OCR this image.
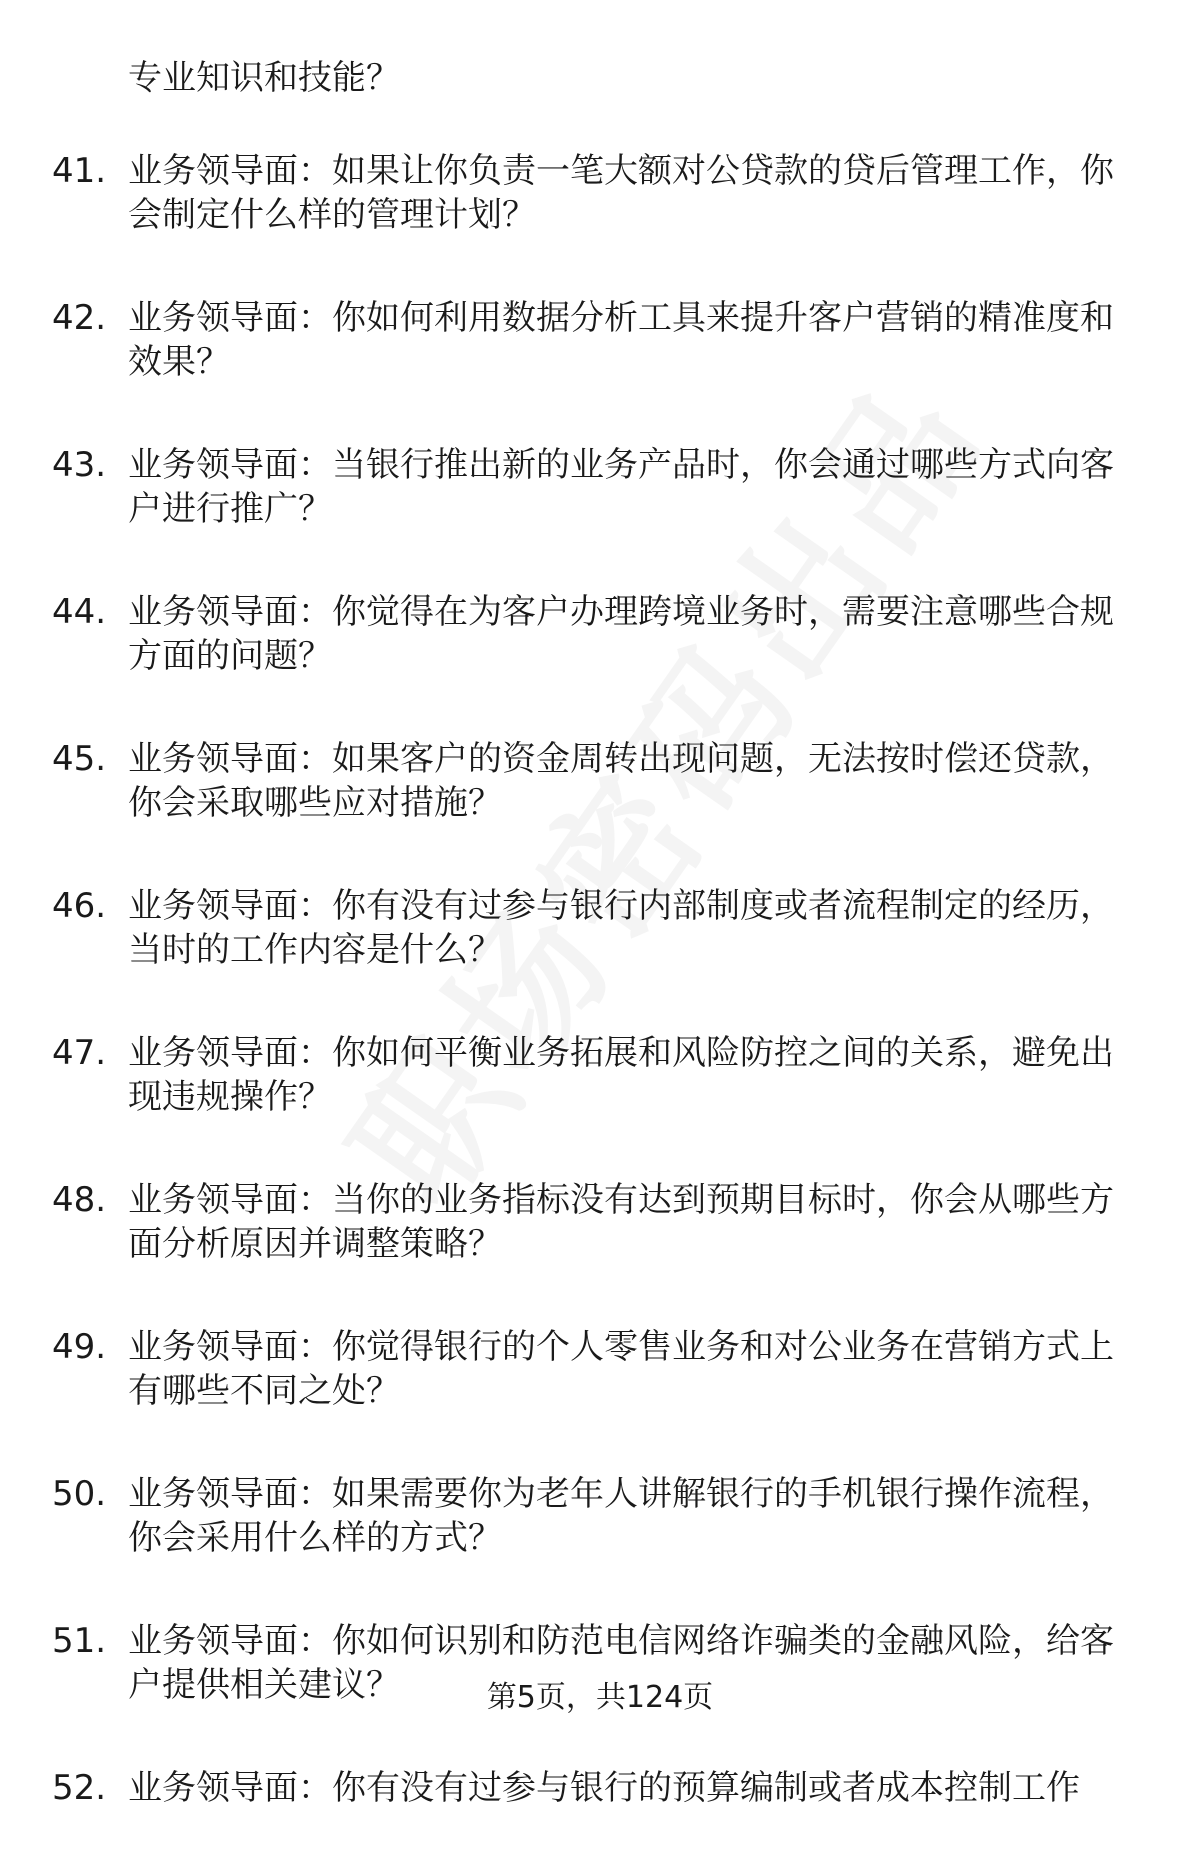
专业知识和技能？
41. 业务领导面：如果让你负责一笔大额对公贷款的贷后管理工作，你会制定什么样的管理计划？
42. 业务领导面：你如何利用数据分析工具来提升客户营销的精准度和效果？
43. 业务领导面：当银行推出新的业务产品时，你会通过哪些方式向客户进行推广？
44. 业务领导面：你觉得在为客户办理跨境业务时，需要注意哪些合规方面的问题？
45. 业务领导面：如果客户的资金周转出现问题，无法按时偿还贷款，你会采取哪些应对措施？
46. 业务领导面：你有没有过参与银行内部制度或者流程制定的经历，当时的工作内容是什么？
47. 业务领导面：你如何平衡业务拓展和风险防控之间的关系，避免出现违规操作？
48. 业务领导面：当你的业务指标没有达到预期目标时，你会从哪些方面分析原因并调整策略？
49. 业务领导面：你觉得银行的个人零售业务和对公业务在营销方式上有哪些不同之处？
50. 业务领导面：如果需要你为老年人讲解银行的手机银行操作流程，你会采用什么样的方式？
51. 业务领导面：你如何识别和防范电信网络诈骗类的金融风险，给客户提供相关建议？
52. 业务领导面：你有没有过参与银行的预算编制或者成本控制工作
第5页，共124页
